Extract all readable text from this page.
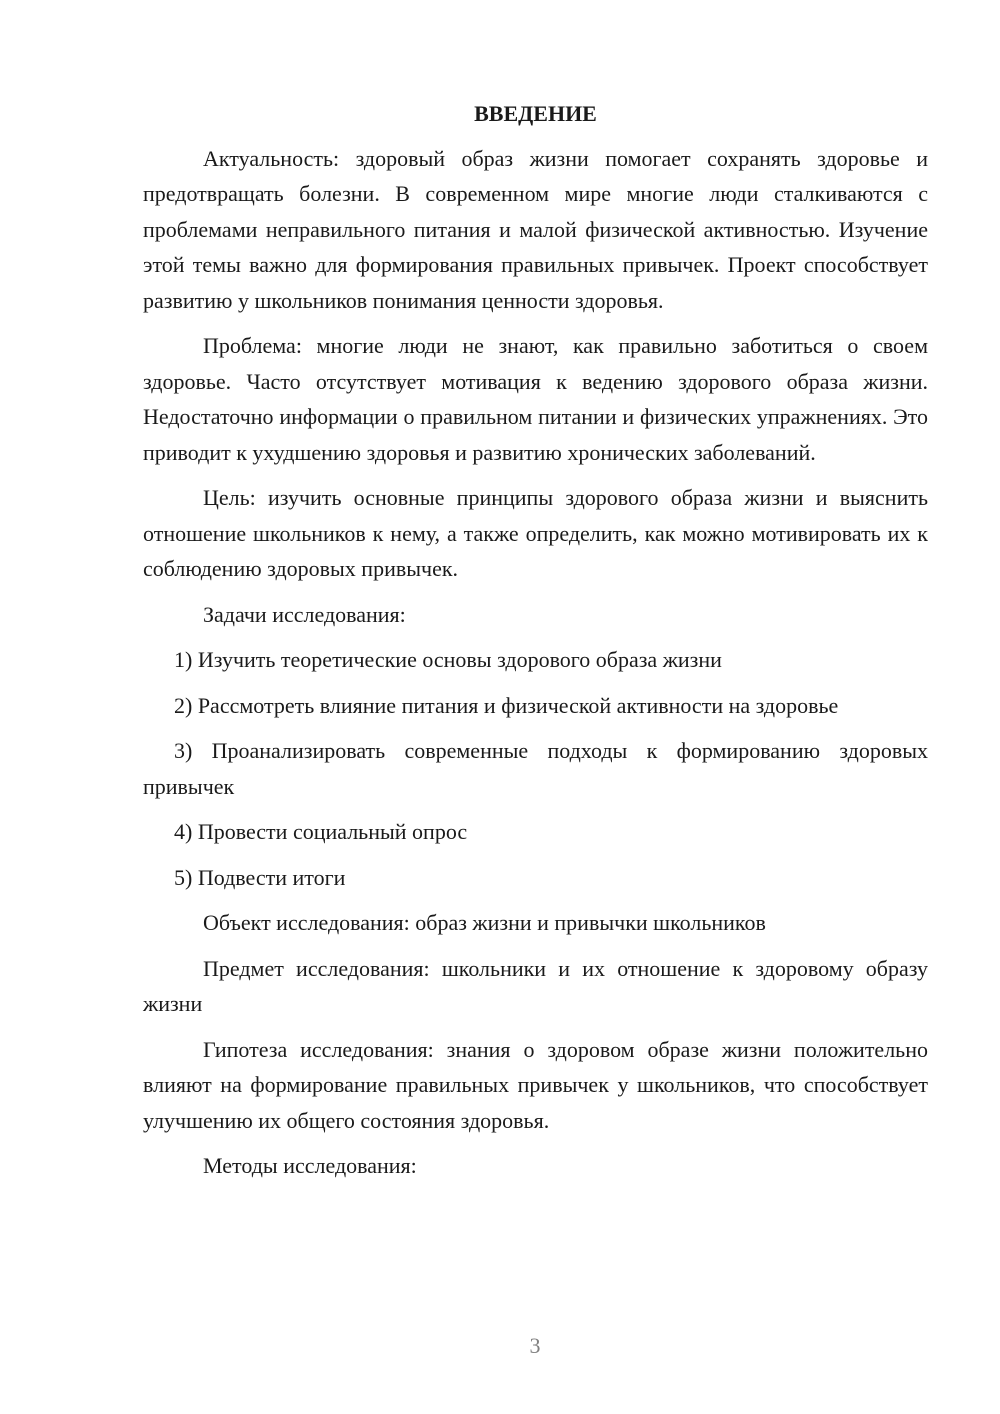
ВВЕДЕНИЕ

Актуальность: здоровый образ жизни помогает сохранять здоровье и предотвращать болезни. В современном мире многие люди сталкиваются с проблемами неправильного питания и малой физической активностью. Изучение этой темы важно для формирования правильных привычек. Проект способствует развитию у школьников понимания ценности здоровья.

Проблема: многие люди не знают, как правильно заботиться о своем здоровье. Часто отсутствует мотивация к ведению здорового образа жизни. Недостаточно информации о правильном питании и физических упражнениях. Это приводит к ухудшению здоровья и развитию хронических заболеваний.

Цель: изучить основные принципы здорового образа жизни и выяснить отношение школьников к нему, а также определить, как можно мотивировать их к соблюдению здоровых привычек.

Задачи исследования:

1) Изучить теоретические основы здорового образа жизни

2) Рассмотреть влияние питания и физической активности на здоровье

3) Проанализировать современные подходы к формированию здоровых привычек

4) Провести социальный опрос

5) Подвести итоги

Объект исследования: образ жизни и привычки школьников

Предмет исследования: школьники и их отношение к здоровому образу жизни

Гипотеза исследования: знания о здоровом образе жизни положительно влияют на формирование правильных привычек у школьников, что способствует улучшению их общего состояния здоровья.

Методы исследования:

3
